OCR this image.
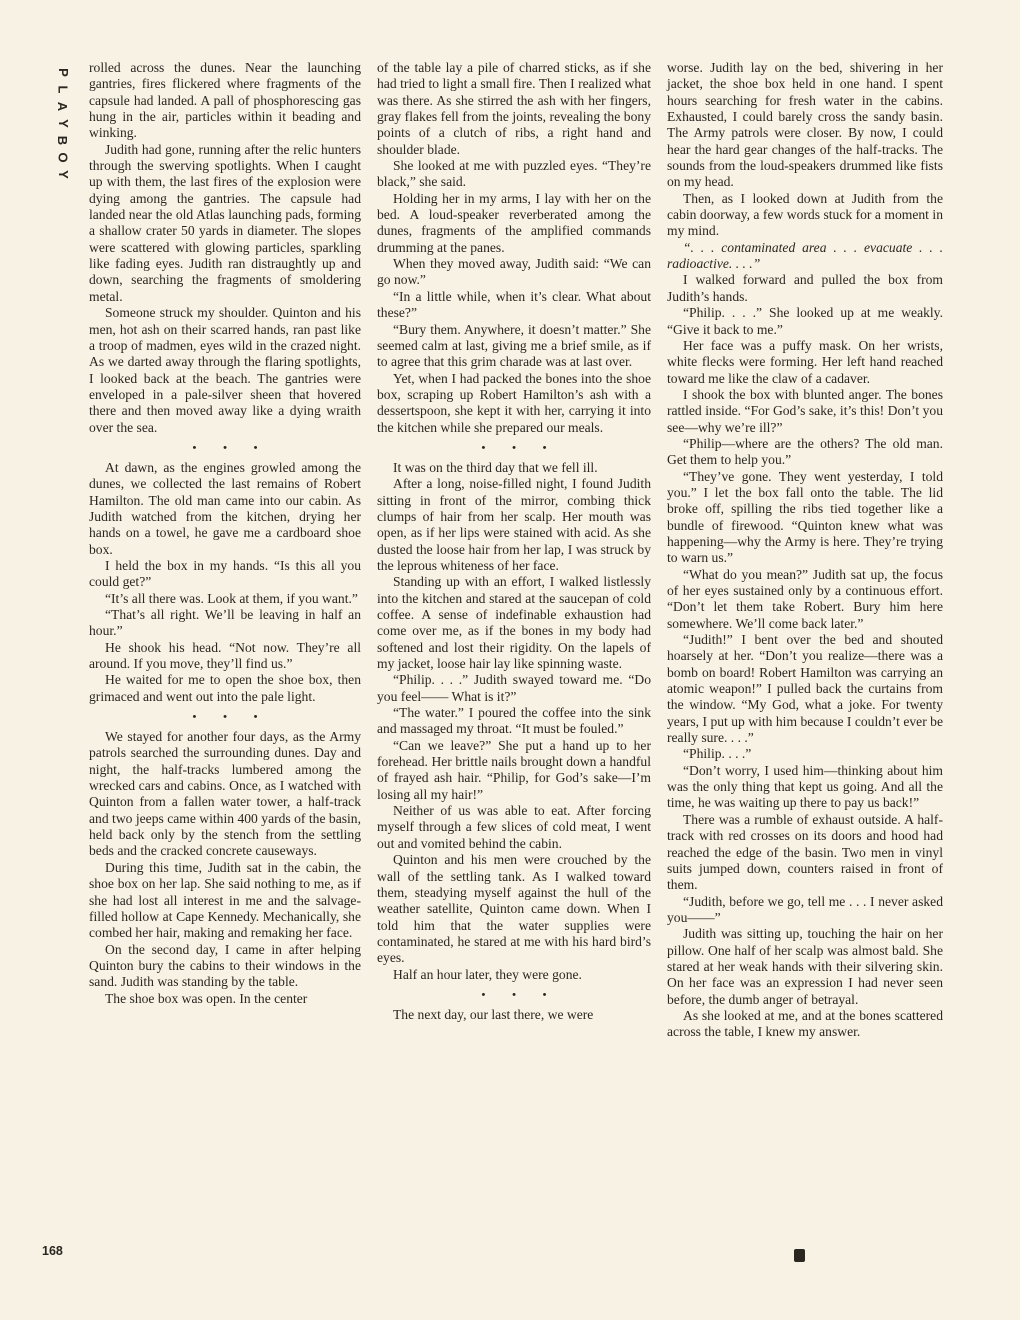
P
L
A
Y
B
O
Y

rolled across the dunes. Near the launching gantries, fires flickered where fragments of the capsule had landed. A pall of phosphorescing gas hung in the air, particles within it beading and winking.

Judith had gone, running after the relic hunters through the swerving spotlights. When I caught up with them, the last fires of the explosion were dying among the gantries. The capsule had landed near the old Atlas launching pads, forming a shallow crater 50 yards in diameter. The slopes were scattered with glowing particles, sparkling like fading eyes. Judith ran distraughtly up and down, searching the fragments of smoldering metal.

Someone struck my shoulder. Quinton and his men, hot ash on their scarred hands, ran past like a troop of madmen, eyes wild in the crazed night. As we darted away through the flaring spotlights, I looked back at the beach. The gantries were enveloped in a pale-silver sheen that hovered there and then moved away like a dying wraith over the sea.

• • •

At dawn, as the engines growled among the dunes, we collected the last remains of Robert Hamilton. The old man came into our cabin. As Judith watched from the kitchen, drying her hands on a towel, he gave me a cardboard shoe box.

I held the box in my hands. “Is this all you could get?”

“It’s all there was. Look at them, if you want.”

“That’s all right. We’ll be leaving in half an hour.”

He shook his head. “Not now. They’re all around. If you move, they’ll find us.”

He waited for me to open the shoe box, then grimaced and went out into the pale light.

• • •

We stayed for another four days, as the Army patrols searched the surrounding dunes. Day and night, the half-tracks lumbered among the wrecked cars and cabins. Once, as I watched with Quinton from a fallen water tower, a half-track and two jeeps came within 400 yards of the basin, held back only by the stench from the settling beds and the cracked concrete causeways.

During this time, Judith sat in the cabin, the shoe box on her lap. She said nothing to me, as if she had lost all interest in me and the salvage-filled hollow at Cape Kennedy. Mechanically, she combed her hair, making and remaking her face.

On the second day, I came in after helping Quinton bury the cabins to their windows in the sand. Judith was standing by the table.

The shoe box was open. In the center

of the table lay a pile of charred sticks, as if she had tried to light a small fire. Then I realized what was there. As she stirred the ash with her fingers, gray flakes fell from the joints, revealing the bony points of a clutch of ribs, a right hand and shoulder blade.

She looked at me with puzzled eyes. “They’re black,” she said.

Holding her in my arms, I lay with her on the bed. A loud-speaker reverberated among the dunes, fragments of the amplified commands drumming at the panes.

When they moved away, Judith said: “We can go now.”

“In a little while, when it’s clear. What about these?”

“Bury them. Anywhere, it doesn’t matter.” She seemed calm at last, giving me a brief smile, as if to agree that this grim charade was at last over.

Yet, when I had packed the bones into the shoe box, scraping up Robert Hamilton’s ash with a dessertspoon, she kept it with her, carrying it into the kitchen while she prepared our meals.

• • •

It was on the third day that we fell ill.

After a long, noise-filled night, I found Judith sitting in front of the mirror, combing thick clumps of hair from her scalp. Her mouth was open, as if her lips were stained with acid. As she dusted the loose hair from her lap, I was struck by the leprous whiteness of her face.

Standing up with an effort, I walked listlessly into the kitchen and stared at the saucepan of cold coffee. A sense of indefinable exhaustion had come over me, as if the bones in my body had softened and lost their rigidity. On the lapels of my jacket, loose hair lay like spinning waste.

“Philip. . . .” Judith swayed toward me. “Do you feel—— What is it?”

“The water.” I poured the coffee into the sink and massaged my throat. “It must be fouled.”

“Can we leave?” She put a hand up to her forehead. Her brittle nails brought down a handful of frayed ash hair. “Philip, for God’s sake—I’m losing all my hair!”

Neither of us was able to eat. After forcing myself through a few slices of cold meat, I went out and vomited behind the cabin.

Quinton and his men were crouched by the wall of the settling tank. As I walked toward them, steadying myself against the hull of the weather satellite, Quinton came down. When I told him that the water supplies were contaminated, he stared at me with his hard bird’s eyes.

Half an hour later, they were gone.

• • •

The next day, our last there, we were

worse. Judith lay on the bed, shivering in her jacket, the shoe box held in one hand. I spent hours searching for fresh water in the cabins. Exhausted, I could barely cross the sandy basin. The Army patrols were closer. By now, I could hear the hard gear changes of the half-tracks. The sounds from the loud-speakers drummed like fists on my head.

Then, as I looked down at Judith from the cabin doorway, a few words stuck for a moment in my mind.

“. . . contaminated area . . . evacuate . . . radioactive. . . .”

I walked forward and pulled the box from Judith’s hands.

“Philip. . . .” She looked up at me weakly. “Give it back to me.”

Her face was a puffy mask. On her wrists, white flecks were forming. Her left hand reached toward me like the claw of a cadaver.

I shook the box with blunted anger. The bones rattled inside. “For God’s sake, it’s this! Don’t you see—why we’re ill?”

“Philip—where are the others? The old man. Get them to help you.”

“They’ve gone. They went yesterday, I told you.” I let the box fall onto the table. The lid broke off, spilling the ribs tied together like a bundle of firewood. “Quinton knew what was happening—why the Army is here. They’re trying to warn us.”

“What do you mean?” Judith sat up, the focus of her eyes sustained only by a continuous effort. “Don’t let them take Robert. Bury him here somewhere. We’ll come back later.”

“Judith!” I bent over the bed and shouted hoarsely at her. “Don’t you realize—there was a bomb on board! Robert Hamilton was carrying an atomic weapon!” I pulled back the curtains from the window. “My God, what a joke. For twenty years, I put up with him because I couldn’t ever be really sure. . . .”

“Philip. . . .”

“Don’t worry, I used him—thinking about him was the only thing that kept us going. And all the time, he was waiting up there to pay us back!”

There was a rumble of exhaust outside. A half-track with red crosses on its doors and hood had reached the edge of the basin. Two men in vinyl suits jumped down, counters raised in front of them.

“Judith, before we go, tell me . . . I never asked you——”

Judith was sitting up, touching the hair on her pillow. One half of her scalp was almost bald. She stared at her weak hands with their silvering skin. On her face was an expression I had never seen before, the dumb anger of betrayal.

As she looked at me, and at the bones scattered across the table, I knew my answer.

168
